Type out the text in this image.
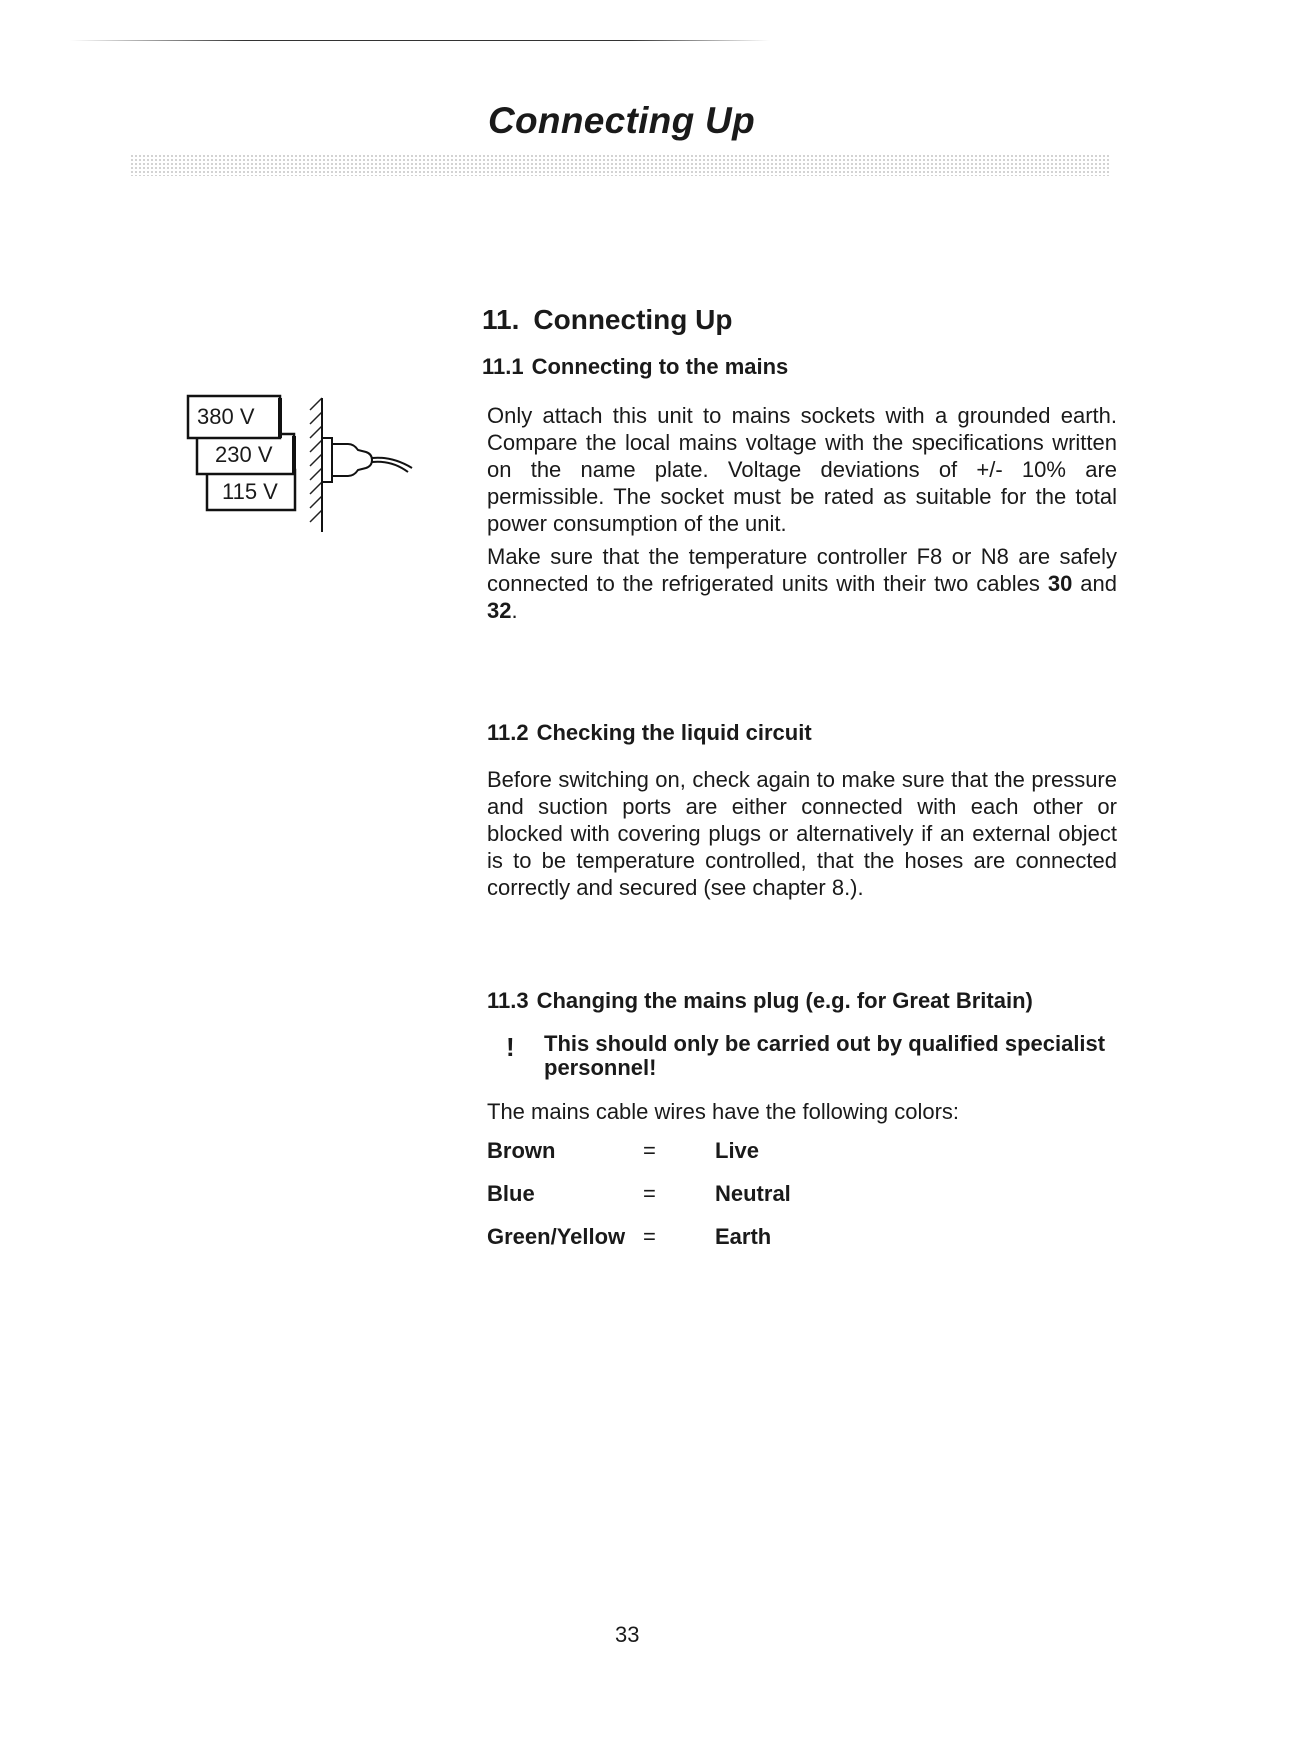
Connecting Up
380 V
230 V
115 V
11. Connecting Up
11.1 Connecting to the mains

Only attach this unit to mains sockets with a grounded earth. Compare the local mains voltage with the specifications written on the name plate. Voltage deviations of +/- 10% are permissible. The socket must be rated as suitable for the total power consumption of the unit.

Make sure that the temperature controller F8 or N8 are safely connected to the refrigerated units with their two cables 30 and 32.

11.2 Checking the liquid circuit

Before switching on, check again to make sure that the pressure and suction ports are either connected with each other or blocked with covering plugs or alternatively if an external object is to be temperature controlled, that the hoses are connected correctly and secured (see chapter 8.).

11.3 Changing the mains plug (e.g. for Great Britain)
! This should only be carried out by qualified specialist personnel!

The mains cable wires have the following colors:

Brown	=	Live
Blue	=	Neutral
Green/Yellow =	Earth

33
